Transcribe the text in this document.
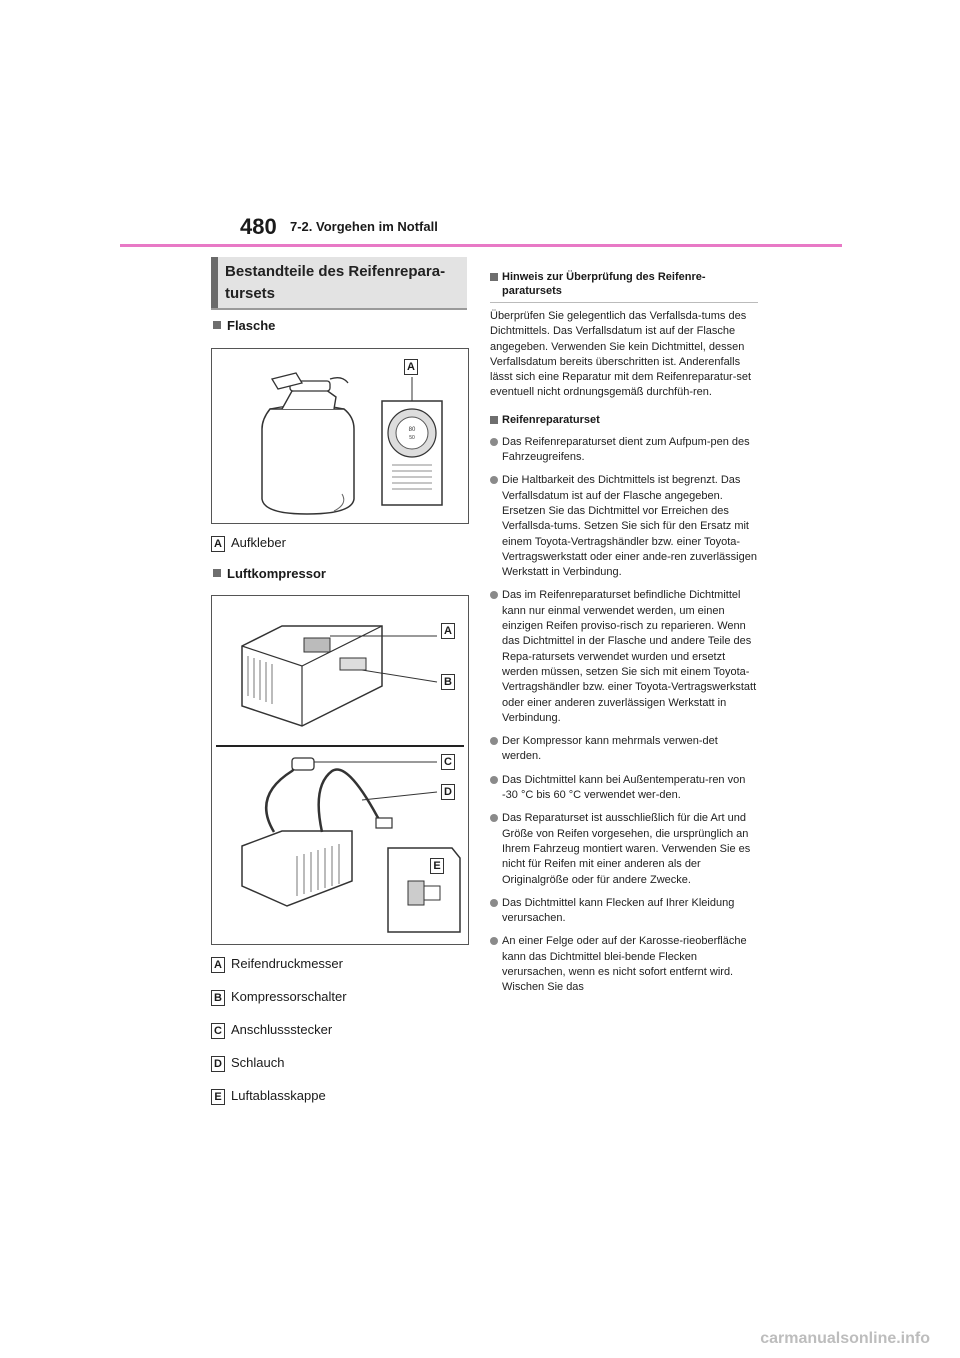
480 7-2. Vorgehen im Notfall
Bestandteile des Reifenrepara-tursets
Flasche
80
50
A
A Aufkleber
Luftkompressor
A
B
C
D
E
A Reifendruckmesser
B Kompressorschalter
C Anschlussstecker
D Schlauch
E Luftablasskappe
Hinweis zur Überprüfung des Reifenre-paratursets
Überprüfen Sie gelegentlich das Verfallsda-tums des Dichtmittels. Das Verfallsdatum ist auf der Flasche angegeben. Verwenden Sie kein Dichtmittel, dessen Verfallsdatum bereits überschritten ist. Anderenfalls lässt sich eine Reparatur mit dem Reifenreparatur-set eventuell nicht ordnungsgemäß durchfüh-ren.
Reifenreparaturset
Das Reifenreparaturset dient zum Aufpum-pen des Fahrzeugreifens.
Die Haltbarkeit des Dichtmittels ist begrenzt. Das Verfallsdatum ist auf der Flasche angegeben. Ersetzen Sie das Dichtmittel vor Erreichen des Verfallsda-tums. Setzen Sie sich für den Ersatz mit einem Toyota-Vertragshändler bzw. einer Toyota-Vertragswerkstatt oder einer ande-ren zuverlässigen Werkstatt in Verbindung.
Das im Reifenreparaturset befindliche Dichtmittel kann nur einmal verwendet werden, um einen einzigen Reifen proviso-risch zu reparieren. Wenn das Dichtmittel in der Flasche und andere Teile des Repa-ratursets verwendet wurden und ersetzt werden müssen, setzen Sie sich mit einem Toyota-Vertragshändler bzw. einer Toyota-Vertragswerkstatt oder einer anderen zuverlässigen Werkstatt in Verbindung.
Der Kompressor kann mehrmals verwen-det werden.
Das Dichtmittel kann bei Außentemperatu-ren von -30 °C bis 60 °C verwendet wer-den.
Das Reparaturset ist ausschließlich für die Art und Größe von Reifen vorgesehen, die ursprünglich an Ihrem Fahrzeug montiert waren. Verwenden Sie es nicht für Reifen mit einer anderen als der Originalgröße oder für andere Zwecke.
Das Dichtmittel kann Flecken auf Ihrer Kleidung verursachen.
An einer Felge oder auf der Karosse-rieoberfläche kann das Dichtmittel blei-bende Flecken verursachen, wenn es nicht sofort entfernt wird. Wischen Sie das
carmanualsonline.info
